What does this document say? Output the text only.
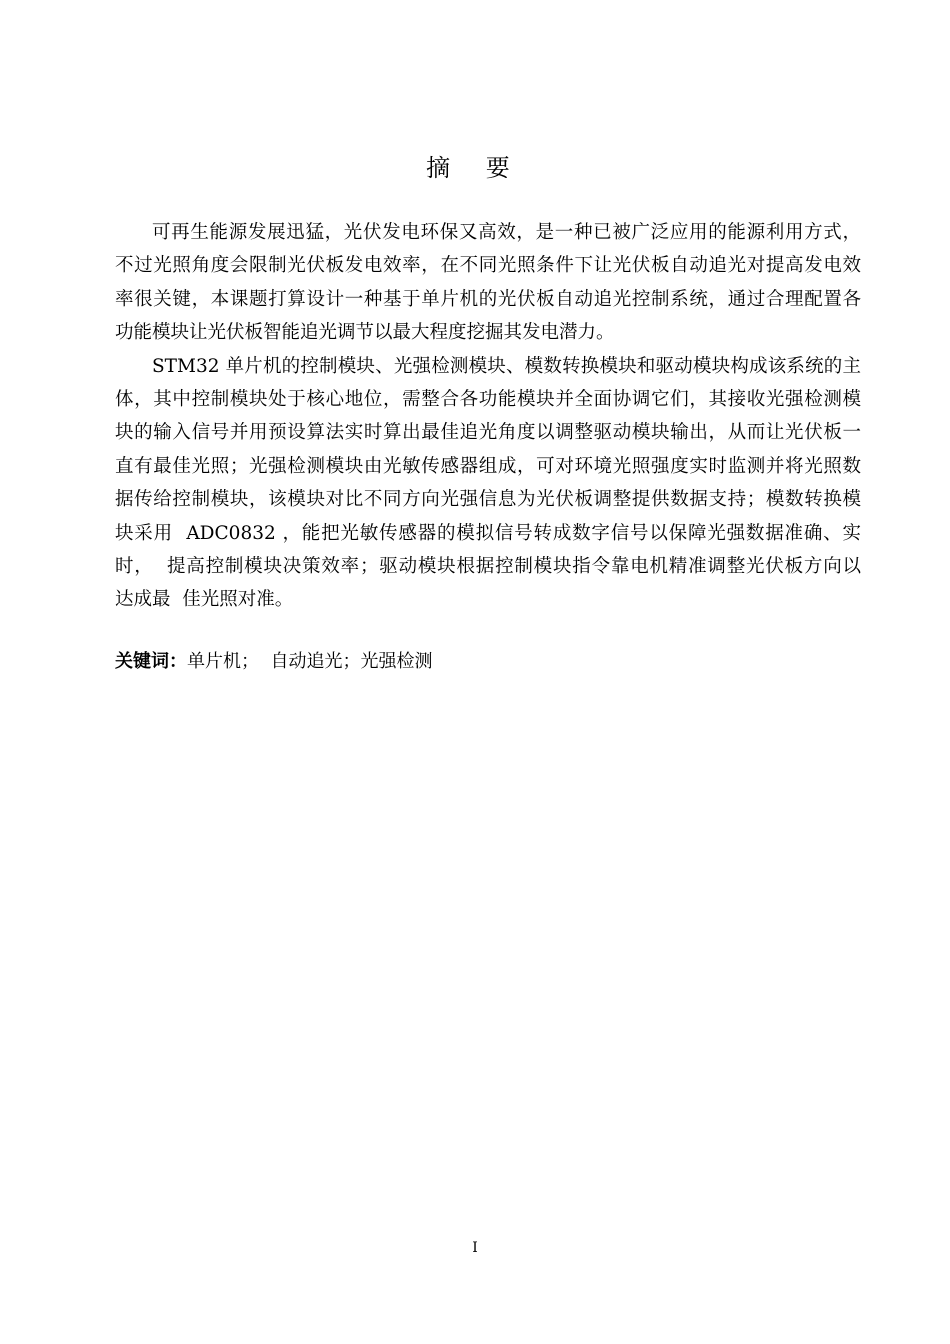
摘 要
可再生能源发展迅猛，光伏发电环保又高效，是一种已被广泛应用的能源利用方式，
不过光照角度会限制光伏板发电效率，在不同光照条件下让光伏板自动追光对提高发电效
率很关键，本课题打算设计一种基于单片机的光伏板自动追光控制系统，通过合理配置各
功能模块让光伏板智能追光调节以最大程度挖掘其发电潜力。
STM32 单片机的控制模块、光强检测模块、模数转换模块和驱动模块构成该系统的主
体，其中控制模块处于核心地位，需整合各功能模块并全面协调它们，其接收光强检测模
块的输入信号并用预设算法实时算出最佳追光角度以调整驱动模块输出，从而让光伏板一
直有最佳光照；光强检测模块由光敏传感器组成，可对环境光照强度实时监测并将光照数
据传给控制模块，该模块对比不同方向光强信息为光伏板调整提供数据支持；模数转换模
块采用  ADC0832 ，能把光敏传感器的模拟信号转成数字信号以保障光强数据准确、实
时，  提高控制模块决策效率；驱动模块根据控制模块指令靠电机精准调整光伏板方向以
达成最  佳光照对准。
关键词：单片机；  自动追光；光强检测
I
